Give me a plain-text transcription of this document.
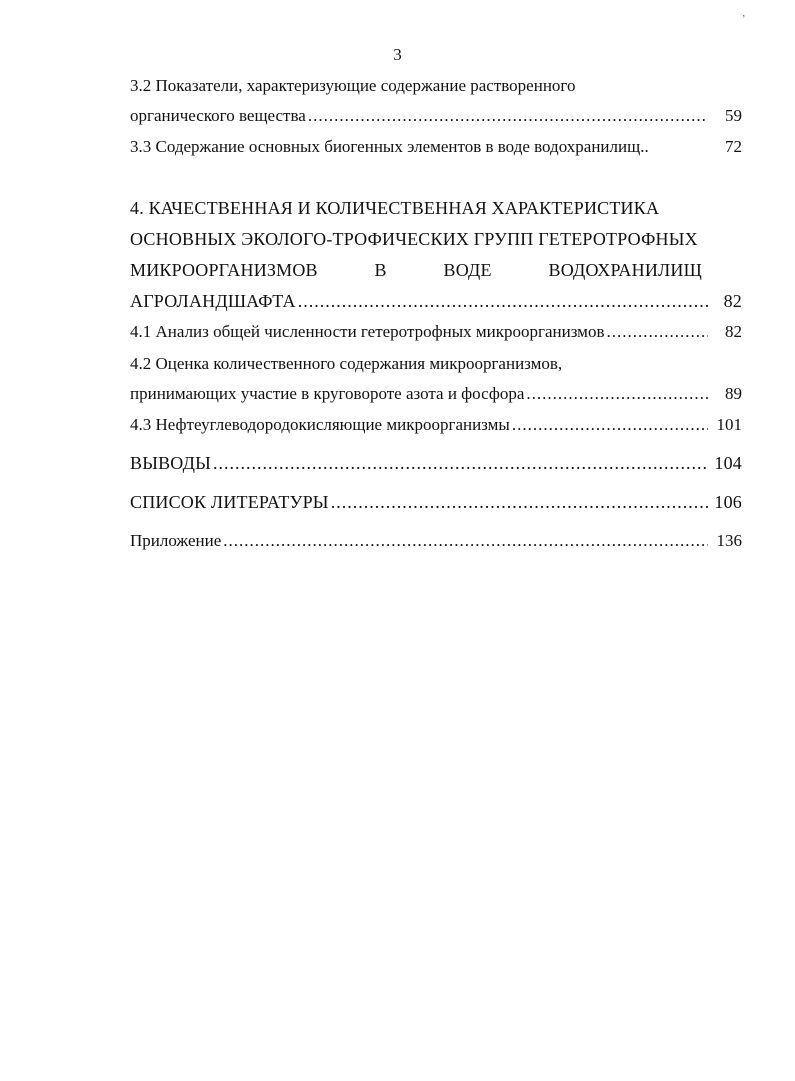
3
ʼ
3.2 Показатели, характеризующие содержание растворенного
органического вещества .....	59
3.3 Содержание основных биогенных элементов в воде водохранилищ..	72
4. КАЧЕСТВЕННАЯ И КОЛИЧЕСТВЕННАЯ ХАРАКТЕРИСТИКА
ОСНОВНЫХ ЭКОЛОГО-ТРОФИЧЕСКИХ ГРУПП ГЕТЕРОТРОФНЫХ
МИКРООРГАНИЗМОВ	В	ВОДЕ	ВОДОХРАНИЛИЩ
АГРОЛАНДШАФТА .....	82
4.1 Анализ общей численности гетеротрофных микроорганизмов .....	82
4.2 Оценка количественного содержания микроорганизмов,
принимающих участие в круговороте азота и фосфора .....	89
4.3 Нефтеуглеводородокисляющие микроорганизмы .....	101
ВЫВОДЫ .....	104
СПИСОК ЛИТЕРАТУРЫ .....	106
Приложение .....	136
